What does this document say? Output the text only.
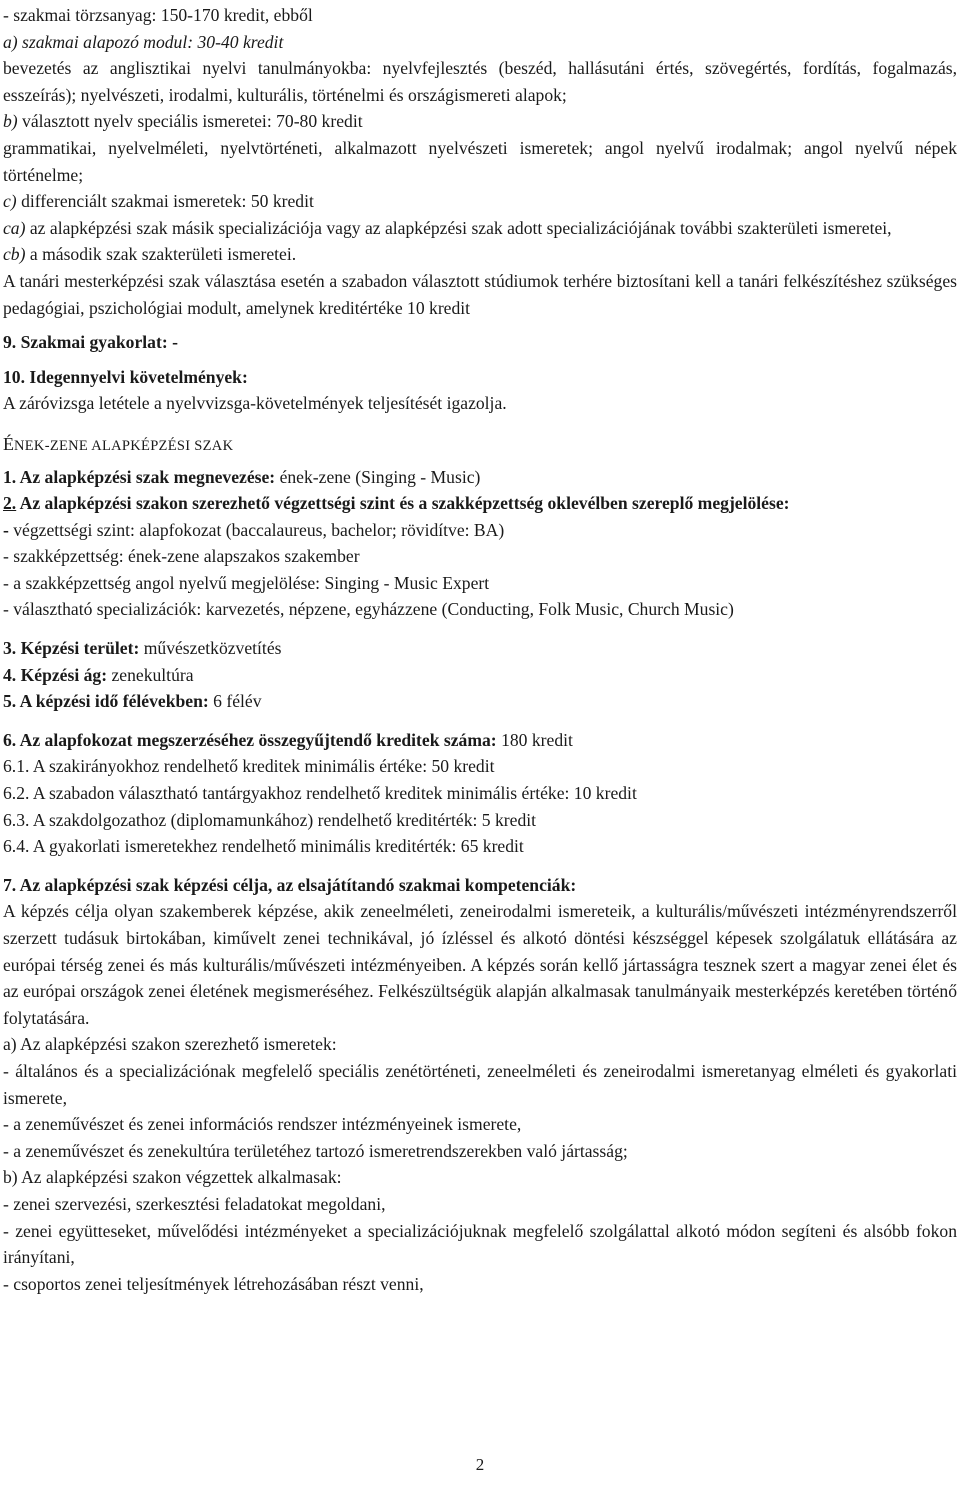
- szakmai törzsanyag: 150-170 kredit, ebből

a) szakmai alapozó modul: 30-40 kredit

bevezetés az anglisztikai nyelvi tanulmányokba: nyelvfejlesztés (beszéd, hallásutáni értés, szövegértés, fordítás, fogalmazás, esszeírás); nyelvészeti, irodalmi, kulturális, történelmi és országismereti alapok;

b) választott nyelv speciális ismeretei: 70-80 kredit

grammatikai, nyelvelméleti, nyelvtörténeti, alkalmazott nyelvészeti ismeretek; angol nyelvű irodalmak; angol nyelvű népek történelme;

c) differenciált szakmai ismeretek: 50 kredit

ca) az alapképzési szak másik specializációja vagy az alapképzési szak adott specializációjának további szakterületi ismeretei,

cb) a második szak szakterületi ismeretei.

A tanári mesterképzési szak választása esetén a szabadon választott stúdiumok terhére biztosítani kell a tanári felkészítéshez szükséges pedagógiai, pszichológiai modult, amelynek kreditértéke 10 kredit

9. Szakmai gyakorlat: -

10. Idegennyelvi követelmények:

A záróvizsga letétele a nyelvvizsga-követelmények teljesítését igazolja.

ÉNEK-ZENE ALAPKÉPZÉSI SZAK

1. Az alapképzési szak megnevezése: ének-zene (Singing - Music)

2. Az alapképzési szakon szerezhető végzettségi szint és a szakképzettség oklevélben szereplő megjelölése:

- végzettségi szint: alapfokozat (baccalaureus, bachelor; rövidítve: BA)

- szakképzettség: ének-zene alapszakos szakember

- a szakképzettség angol nyelvű megjelölése: Singing - Music Expert

- választható specializációk: karvezetés, népzene, egyházzene (Conducting, Folk Music, Church Music)

3. Képzési terület: művészetközvetítés

4. Képzési ág: zenekultúra

5. A képzési idő félévekben: 6 félév

6. Az alapfokozat megszerzéséhez összegyűjtendő kreditek száma: 180 kredit

6.1. A szakirányokhoz rendelhető kreditek minimális értéke: 50 kredit

6.2. A szabadon választható tantárgyakhoz rendelhető kreditek minimális értéke: 10 kredit

6.3. A szakdolgozathoz (diplomamunkához) rendelhető kreditérték: 5 kredit

6.4. A gyakorlati ismeretekhez rendelhető minimális kreditérték: 65 kredit

7. Az alapképzési szak képzési célja, az elsajátítandó szakmai kompetenciák:

A képzés célja olyan szakemberek képzése, akik zeneelméleti, zeneirodalmi ismereteik, a kulturális/művészeti intézményrendszerről szerzett tudásuk birtokában, kiművelt zenei technikával, jó ízléssel és alkotó döntési készséggel képesek szolgálatuk ellátására az európai térség zenei és más kulturális/művészeti intézményeiben. A képzés során kellő jártasságra tesznek szert a magyar zenei élet és az európai országok zenei életének megismeréséhez. Felkészültségük alapján alkalmasak tanulmányaik mesterképzés keretében történő folytatására.

a) Az alapképzési szakon szerezhető ismeretek:

- általános és a specializációnak megfelelő speciális zenétörténeti, zeneelméleti és zeneirodalmi ismeretanyag elméleti és gyakorlati ismerete,

- a zeneművészet és zenei információs rendszer intézményeinek ismerete,

- a zeneművészet és zenekultúra területéhez tartozó ismeretrendszerekben való jártasság;

b) Az alapképzési szakon végzettek alkalmasak:

- zenei szervezési, szerkesztési feladatokat megoldani,

- zenei együtteseket, művelődési intézményeket a specializációjuknak megfelelő szolgálattal alkotó módon segíteni és alsóbb fokon irányítani,

- csoportos zenei teljesítmények létrehozásában részt venni,

2
